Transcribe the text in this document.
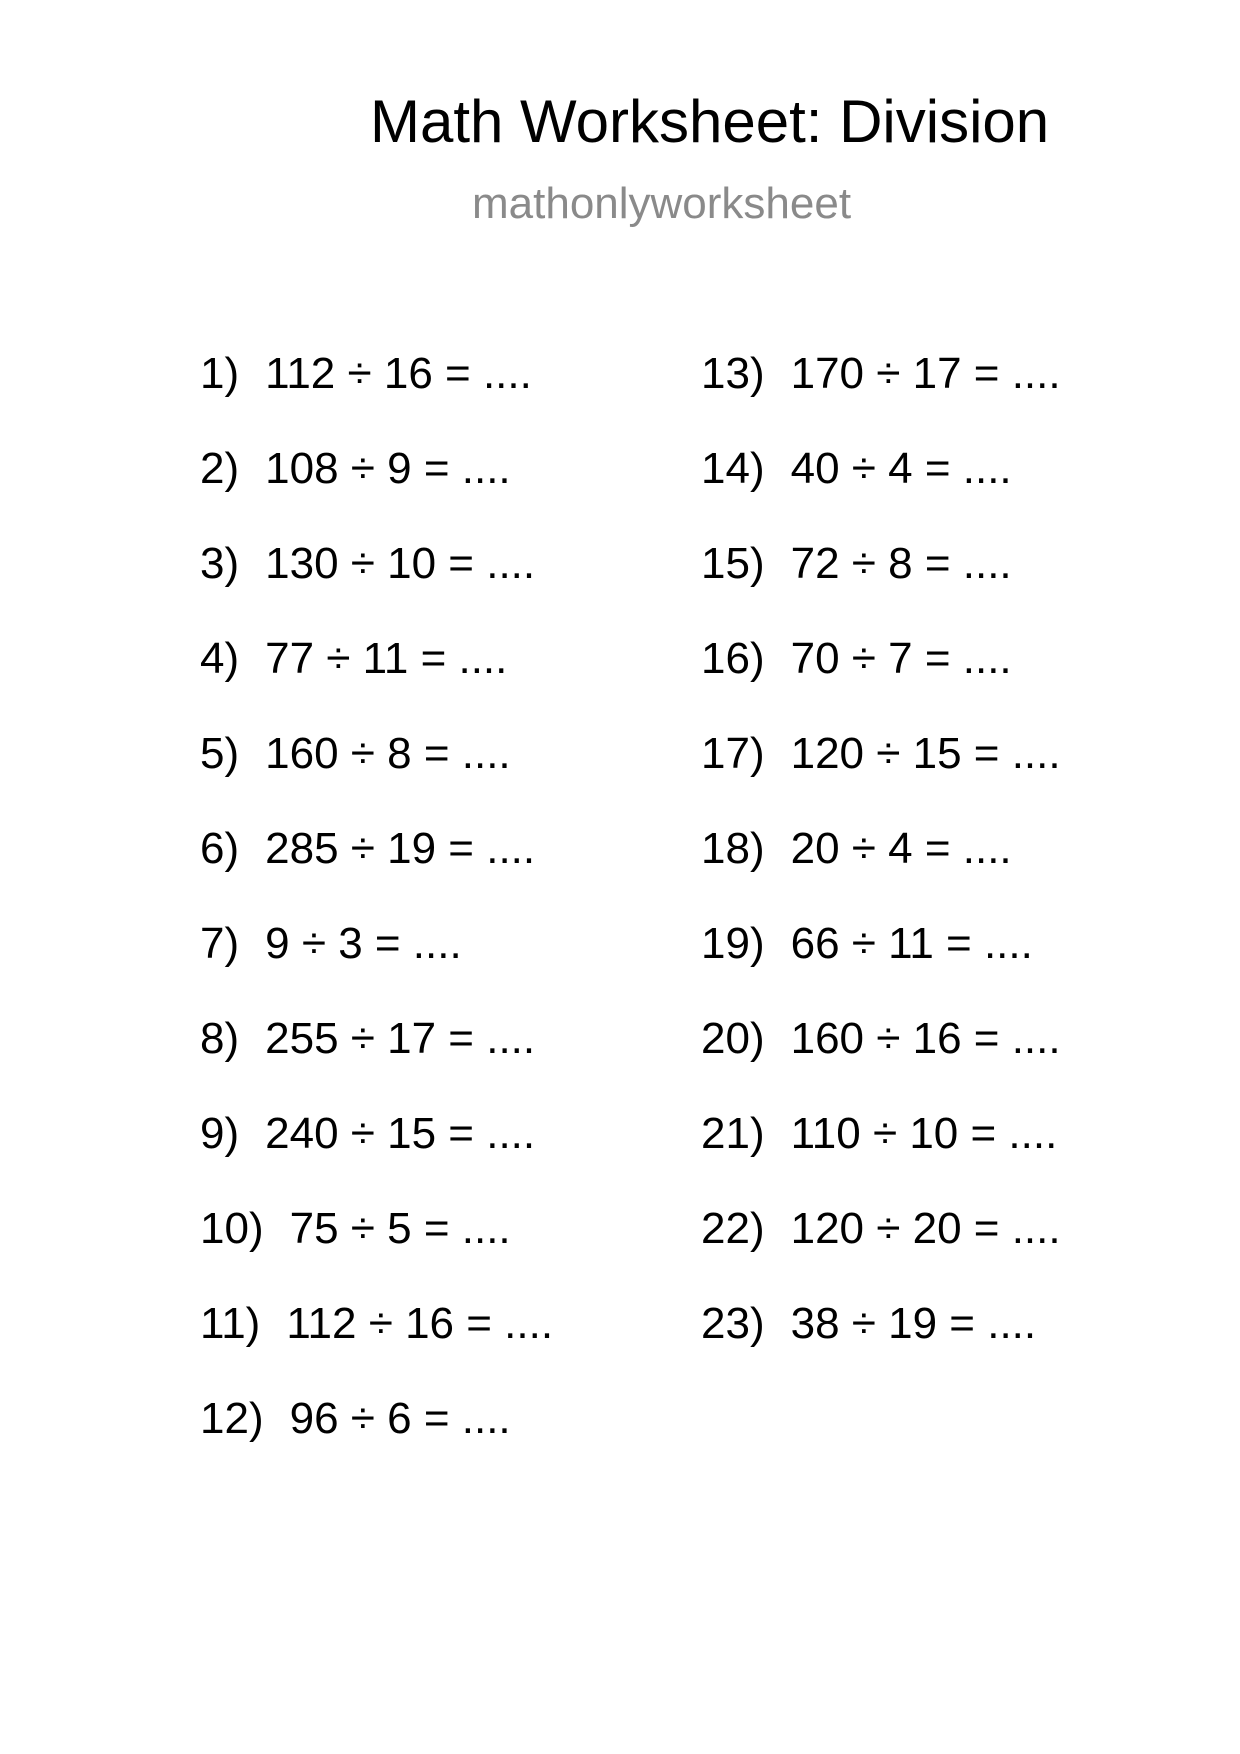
Math Worksheet: Division
mathonlyworksheet
1) 112 ÷ 16 = ....
2) 108 ÷ 9 = ....
3) 130 ÷ 10 = ....
4) 77 ÷ 11 = ....
5) 160 ÷ 8 = ....
6) 285 ÷ 19 = ....
7) 9 ÷ 3 = ....
8) 255 ÷ 17 = ....
9) 240 ÷ 15 = ....
10) 75 ÷ 5 = ....
11) 112 ÷ 16 = ....
12) 96 ÷ 6 = ....
13) 170 ÷ 17 = ....
14) 40 ÷ 4 = ....
15) 72 ÷ 8 = ....
16) 70 ÷ 7 = ....
17) 120 ÷ 15 = ....
18) 20 ÷ 4 = ....
19) 66 ÷ 11 = ....
20) 160 ÷ 16 = ....
21) 110 ÷ 10 = ....
22) 120 ÷ 20 = ....
23) 38 ÷ 19 = ....
